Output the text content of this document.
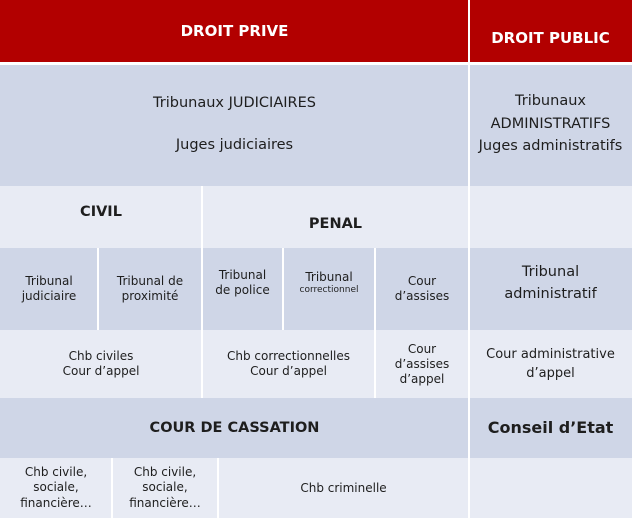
DROIT PRIVE	DROIT PUBLIC
Tribunaux JUDICIAIRES
Juges judiciaires
Tribunaux
ADMINISTRATIFS
Juges administratifs
CIVIL
PENAL
Tribunal
judiciaire
Tribunal de
proximité
Tribunal
de police
Tribunal
correctionnel
Cour
d’assises
Tribunal
administratif
Chb civiles
Cour d’appel
Chb correctionnelles
Cour d’appel
Cour
d’assises
d’appel
Cour administrative
d’appel
COUR DE CASSATION	Conseil d’Etat
Chb civile,
sociale,
financière…
Chb civile,
sociale,
financière…
Chb criminelle
